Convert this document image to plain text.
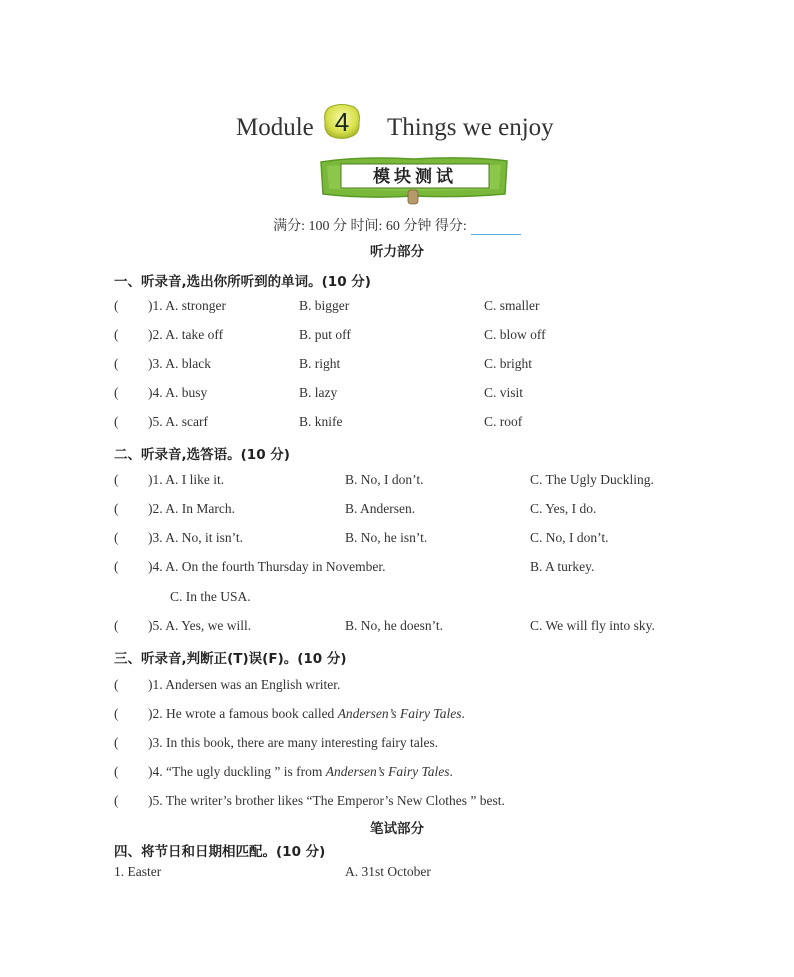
Module 4 Things we enjoy
模块测试
满分: 100 分 时间: 60 分钟 得分:
听力部分
一、听录音,选出你所听到的单词。(10 分)
( )1. A. stronger	B. bigger	C. smaller
( )2. A. take off	B. put off	C. blow off
( )3. A. black	B. right	C. bright
( )4. A. busy	B. lazy	C. visit
( )5. A. scarf	B. knife	C. roof
二、听录音,选答语。(10 分)
( )1. A. I like it.	B. No, I don’t.	C. The Ugly Duckling.
( )2. A. In March.	B. Andersen.	C. Yes, I do.
( )3. A. No, it isn’t.	B. No, he isn’t.	C. No, I don’t.
( )4. A. On the fourth Thursday in November.	B. A turkey.
C. In the USA.
( )5. A. Yes, we will.	B. No, he doesn’t.	C. We will fly into sky.
三、听录音,判断正(T)误(F)。(10 分)
( )1. Andersen was an English writer.
( )2. He wrote a famous book called Andersen’s Fairy Tales.
( )3. In this book, there are many interesting fairy tales.
( )4. “The ugly duckling ” is from Andersen’s Fairy Tales.
( )5. The writer’s brother likes “The Emperor’s New Clothes ” best.
笔试部分
四、将节日和日期相匹配。(10 分)
1. Easter	A. 31st October
